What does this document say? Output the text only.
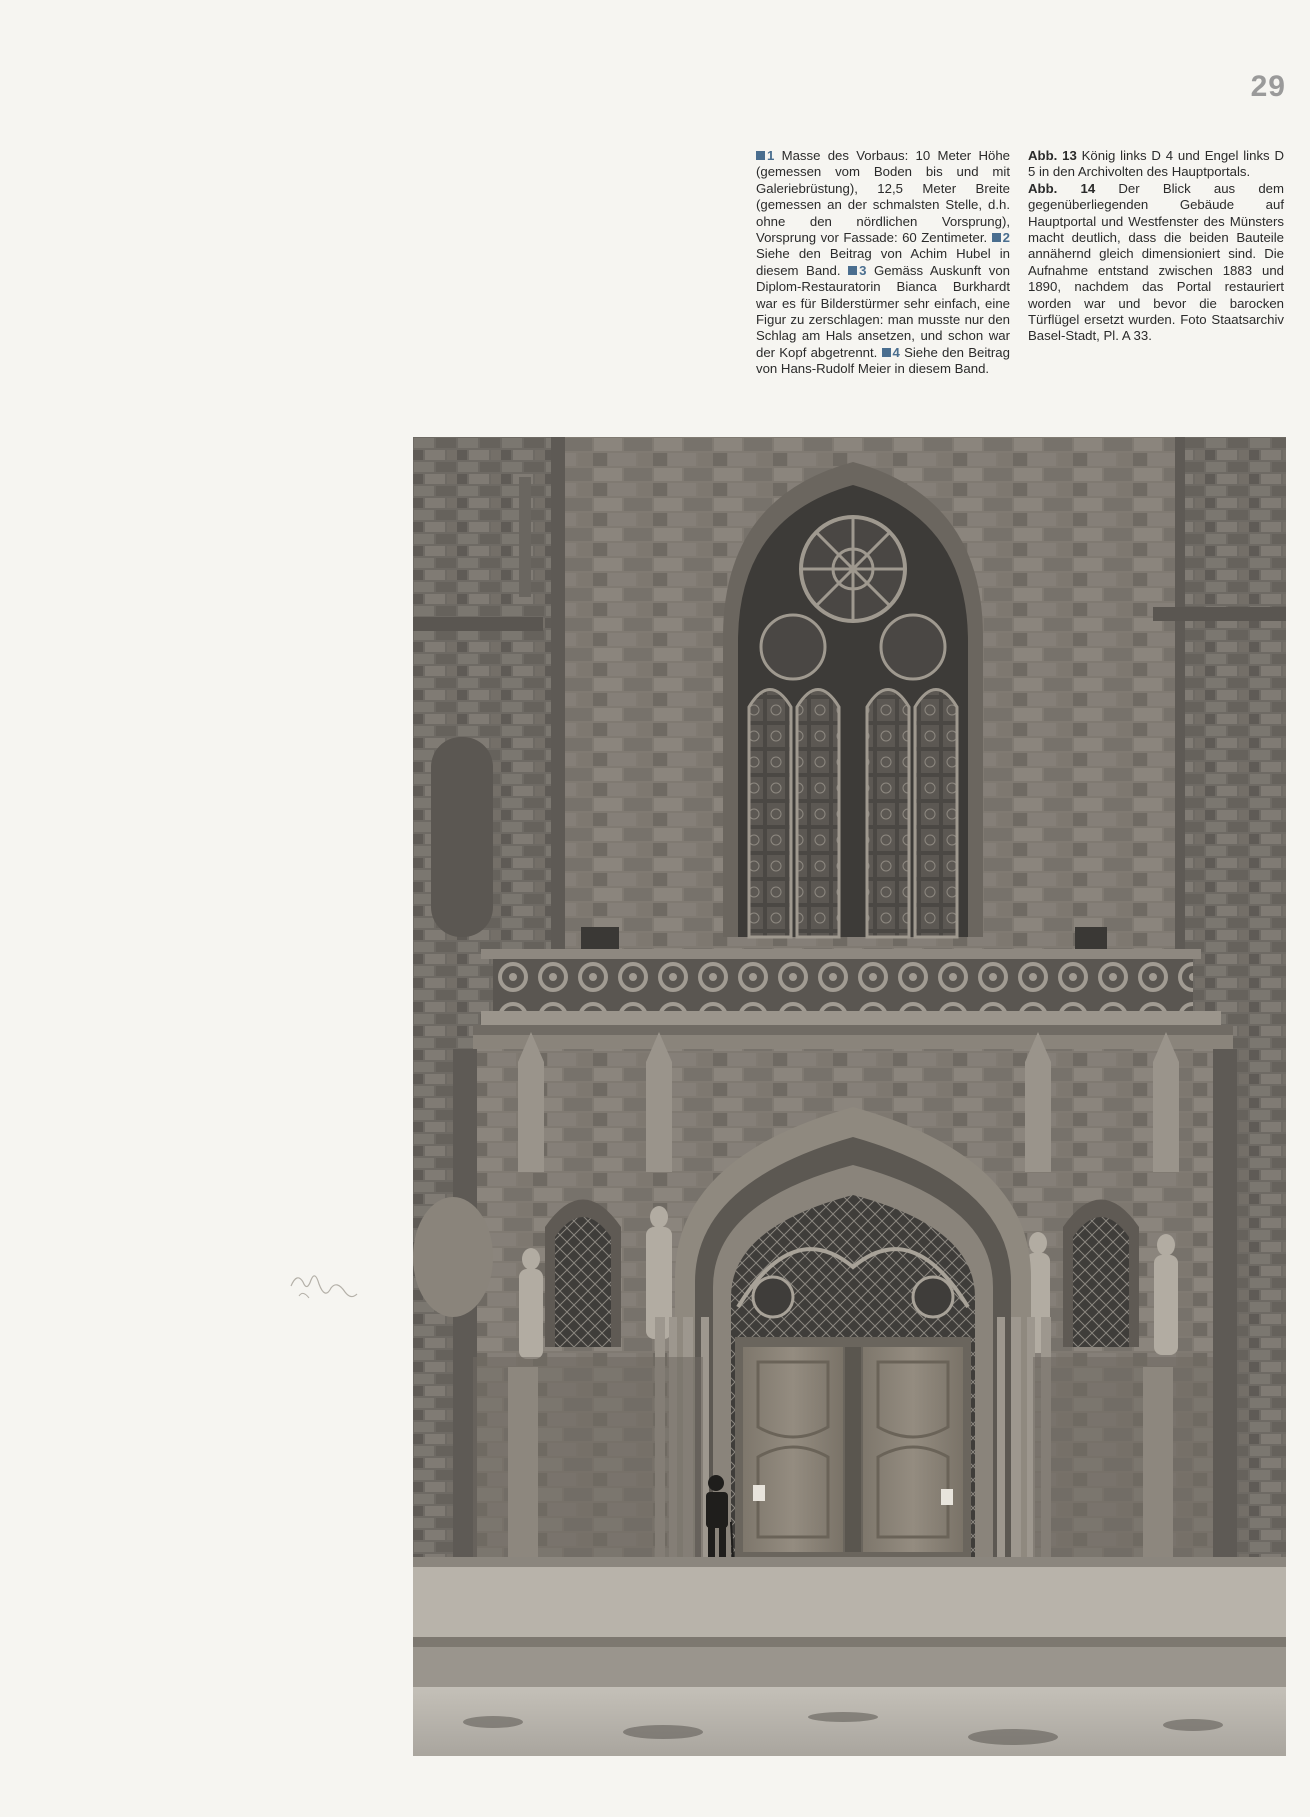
29
1 Masse des Vorbaus: 10 Meter Höhe (gemessen vom Boden bis und mit Galeriebrüstung), 12,5 Meter Breite (gemessen an der schmalsten Stelle, d.h. ohne den nördlichen Vorsprung), Vorsprung vor Fassade: 60 Zentimeter. 2 Siehe den Beitrag von Achim Hubel in diesem Band. 3 Gemäss Auskunft von Diplom-Restauratorin Bianca Burkhardt war es für Bilderstürmer sehr einfach, eine Figur zu zerschlagen: man musste nur den Schlag am Hals ansetzen, und schon war der Kopf abgetrennt. 4 Siehe den Beitrag von Hans-Rudolf Meier in diesem Band.
Abb. 13 König links D 4 und Engel links D 5 in den Archivolten des Hauptportals.
Abb. 14 Der Blick aus dem gegenüberliegenden Gebäude auf Hauptportal und Westfenster des Münsters macht deutlich, dass die beiden Bauteile annähernd gleich dimensioniert sind. Die Aufnahme entstand zwischen 1883 und 1890, nachdem das Portal restauriert worden war und bevor die barocken Türflügel ersetzt wurden. Foto Staatsarchiv Basel-Stadt, Pl. A 33.
